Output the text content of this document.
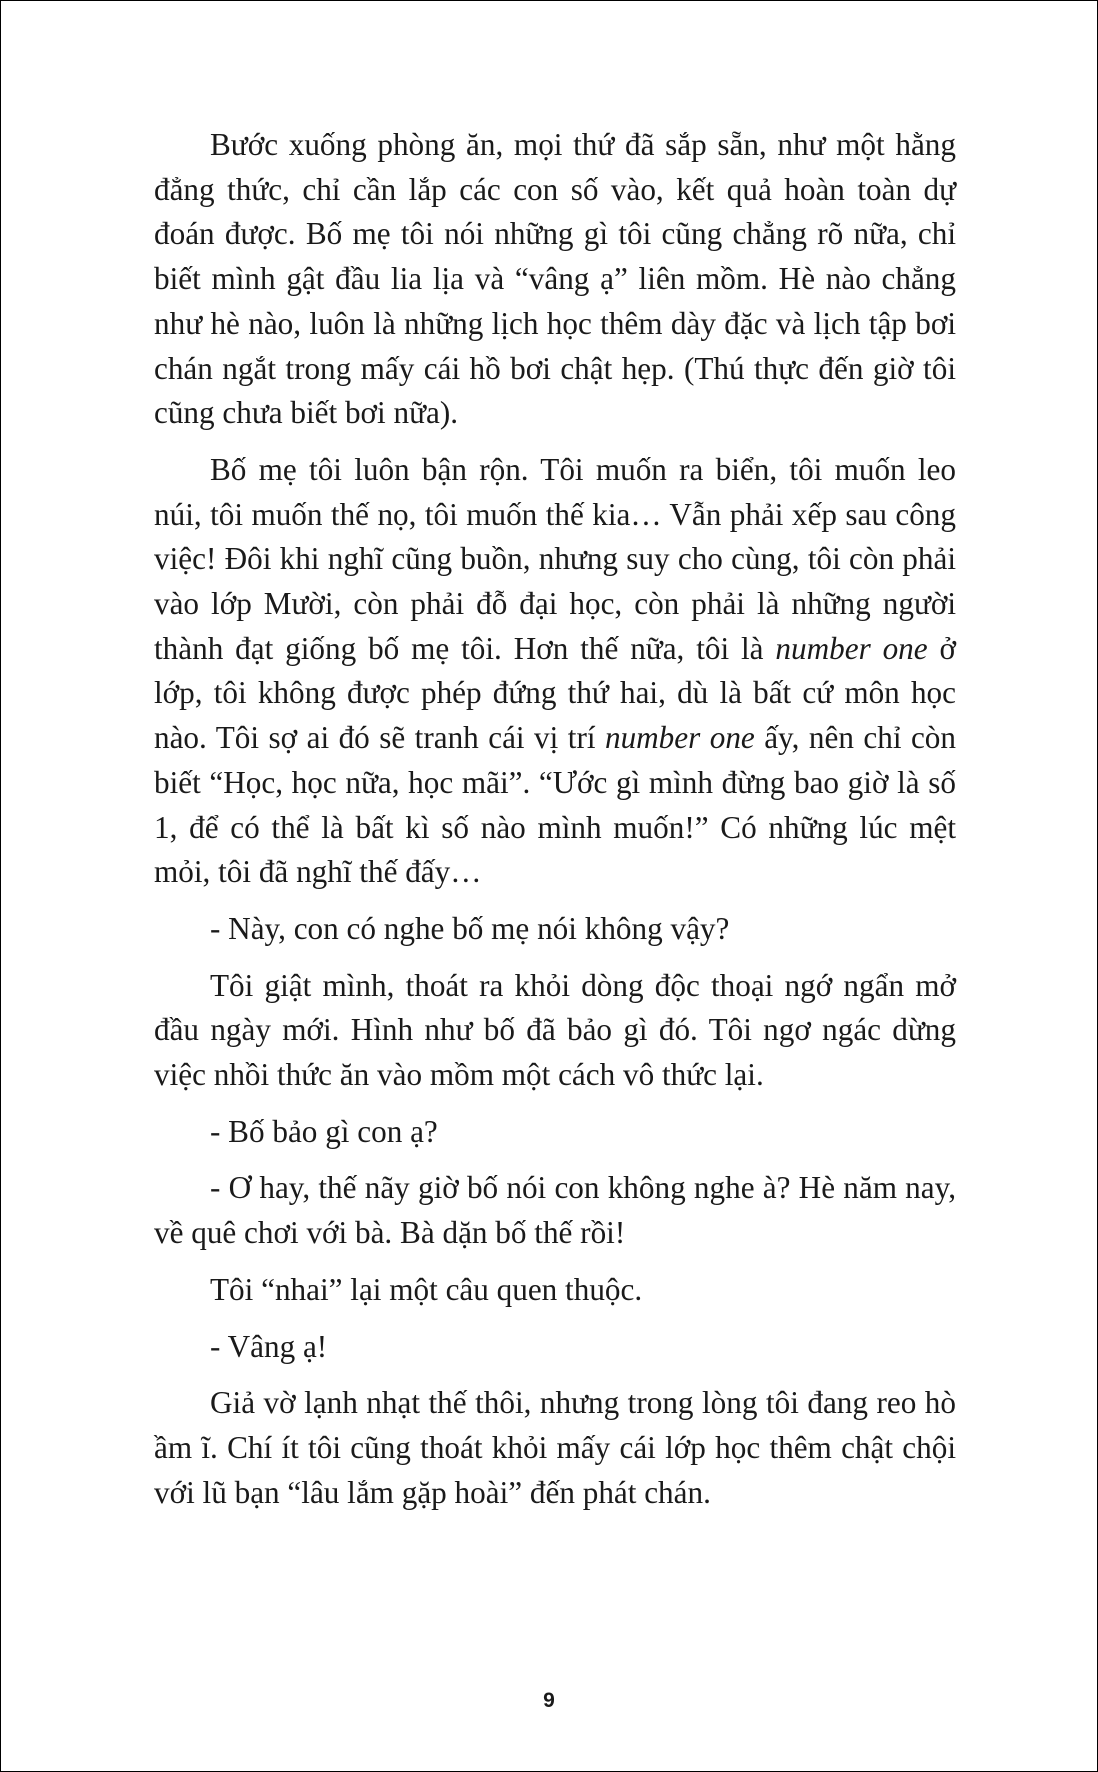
Bước xuống phòng ăn, mọi thứ đã sắp sẵn, như một hằng đẳng thức, chỉ cần lắp các con số vào, kết quả hoàn toàn dự đoán được. Bố mẹ tôi nói những gì tôi cũng chẳng rõ nữa, chỉ biết mình gật đầu lia lịa và “vâng ạ” liên mồm. Hè nào chẳng như hè nào, luôn là những lịch học thêm dày đặc và lịch tập bơi chán ngắt trong mấy cái hồ bơi chật hẹp. (Thú thực đến giờ tôi cũng chưa biết bơi nữa).

Bố mẹ tôi luôn bận rộn. Tôi muốn ra biển, tôi muốn leo núi, tôi muốn thế nọ, tôi muốn thế kia… Vẫn phải xếp sau công việc! Đôi khi nghĩ cũng buồn, nhưng suy cho cùng, tôi còn phải vào lớp Mười, còn phải đỗ đại học, còn phải là những người thành đạt giống bố mẹ tôi. Hơn thế nữa, tôi là number one ở lớp, tôi không được phép đứng thứ hai, dù là bất cứ môn học nào. Tôi sợ ai đó sẽ tranh cái vị trí number one ấy, nên chỉ còn biết “Học, học nữa, học mãi”. “Ước gì mình đừng bao giờ là số 1, để có thể là bất kì số nào mình muốn!” Có những lúc mệt mỏi, tôi đã nghĩ thế đấy…

- Này, con có nghe bố mẹ nói không vậy?

Tôi giật mình, thoát ra khỏi dòng độc thoại ngớ ngẩn mở đầu ngày mới. Hình như bố đã bảo gì đó. Tôi ngơ ngác dừng việc nhồi thức ăn vào mồm một cách vô thức lại.

- Bố bảo gì con ạ?

- Ơ hay, thế nãy giờ bố nói con không nghe à? Hè năm nay, về quê chơi với bà. Bà dặn bố thế rồi!

Tôi “nhai” lại một câu quen thuộc.

- Vâng ạ!

Giả vờ lạnh nhạt thế thôi, nhưng trong lòng tôi đang reo hò ầm ĩ. Chí ít tôi cũng thoát khỏi mấy cái lớp học thêm chật chội với lũ bạn “lâu lắm gặp hoài” đến phát chán.

9
